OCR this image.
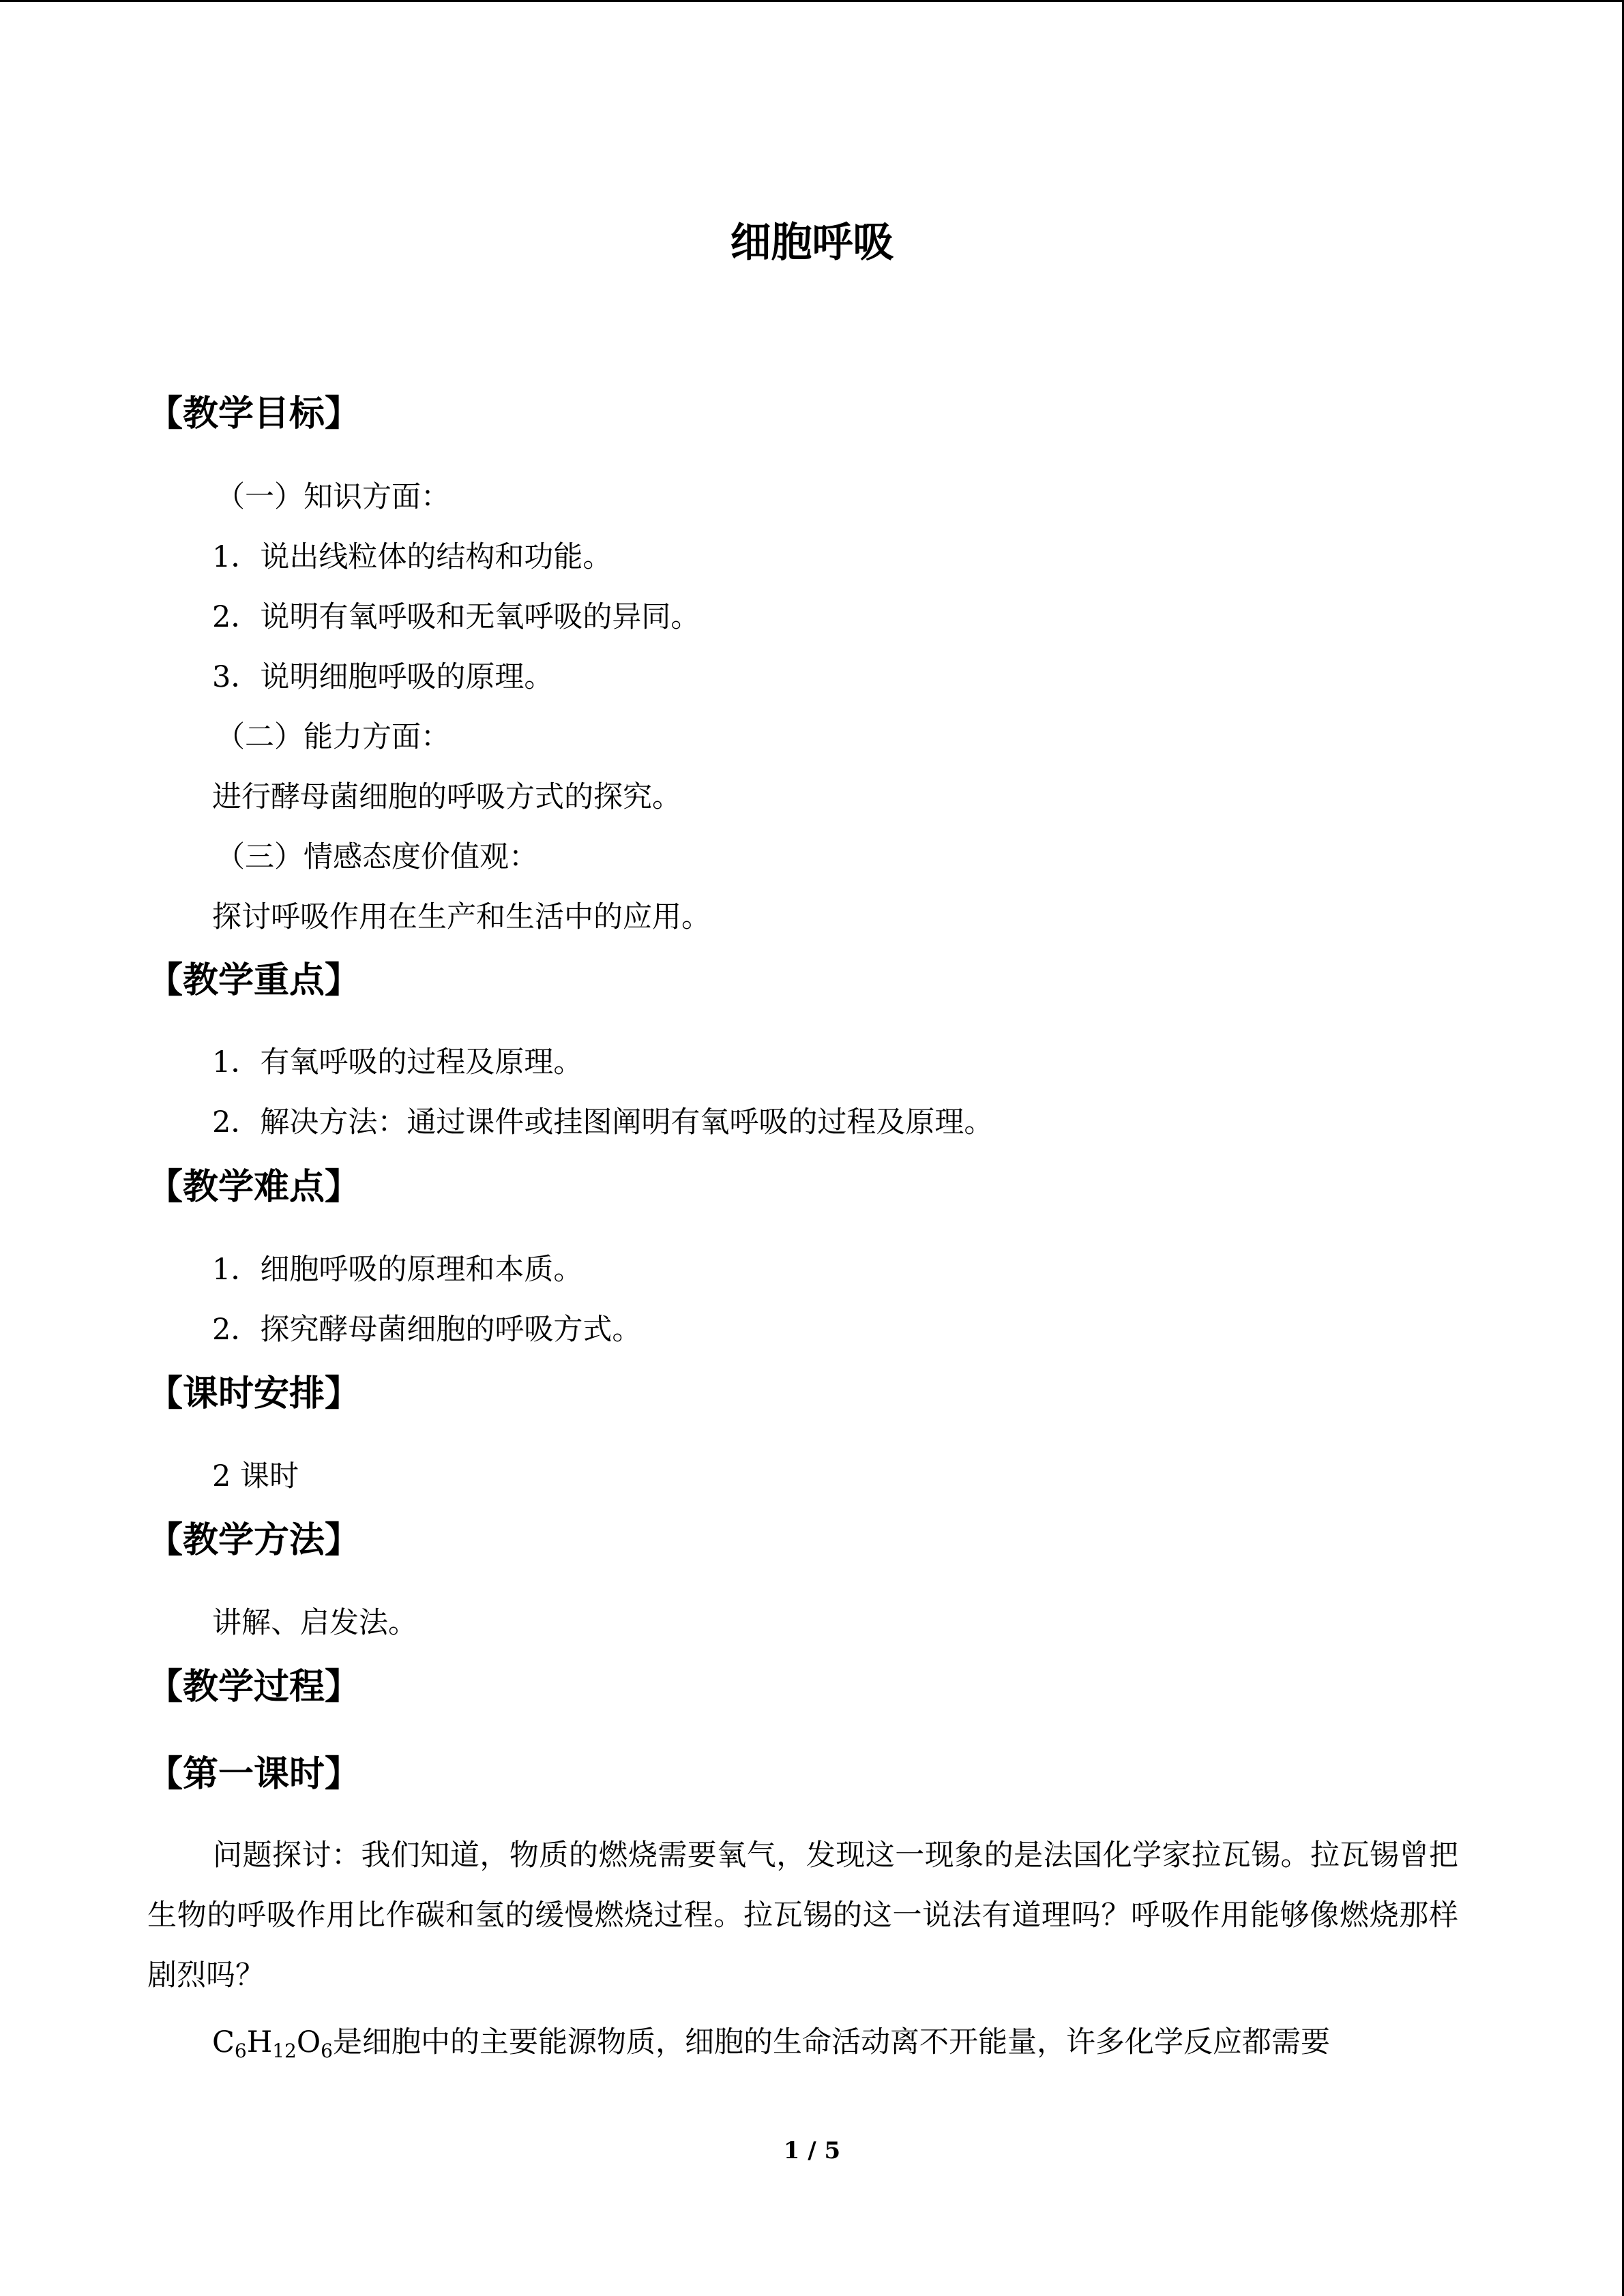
细胞呼吸
【教学目标】
（一）知识方面：
1．说出线粒体的结构和功能。
2．说明有氧呼吸和无氧呼吸的异同。
3．说明细胞呼吸的原理。
（二）能力方面：
进行酵母菌细胞的呼吸方式的探究。
（三）情感态度价值观：
探讨呼吸作用在生产和生活中的应用。
【教学重点】
1．有氧呼吸的过程及原理。
2．解决方法：通过课件或挂图阐明有氧呼吸的过程及原理。
【教学难点】
1．细胞呼吸的原理和本质。
2．探究酵母菌细胞的呼吸方式。
【课时安排】
2 课时
【教学方法】
讲解、启发法。
【教学过程】
【第一课时】

问题探讨：我们知道，物质的燃烧需要氧气，发现这一现象的是法国化学家拉瓦锡。拉瓦锡曾把生物的呼吸作用比作碳和氢的缓慢燃烧过程。拉瓦锡的这一说法有道理吗？呼吸作用能够像燃烧那样剧烈吗？

$C_6H_{12}O_6$是细胞中的主要能源物质，细胞的生命活动离不开能量，许多化学反应都需要
1 / 5
